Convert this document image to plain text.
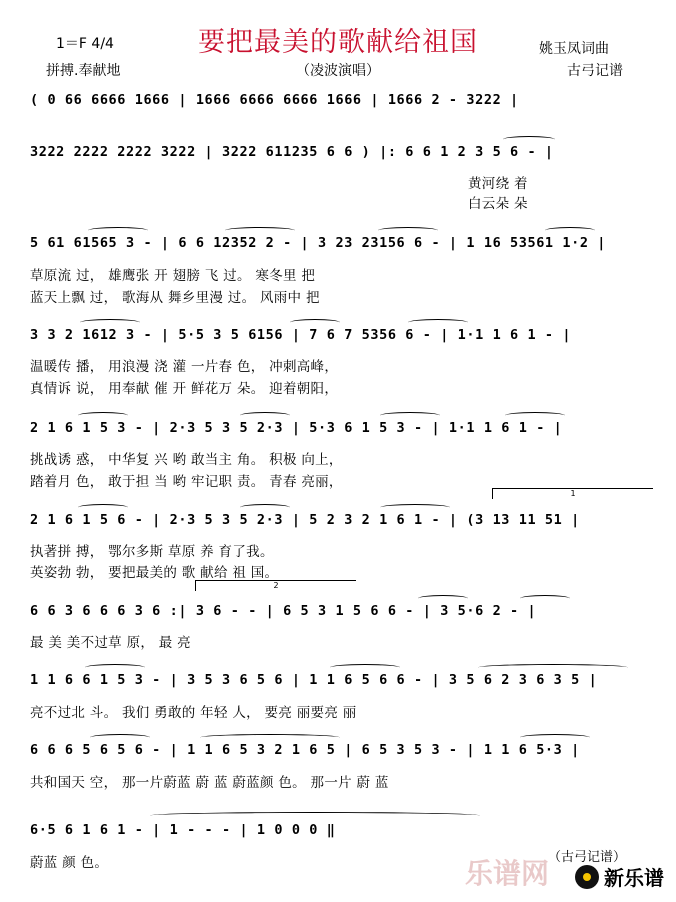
要把最美的歌献给祖国
1＝F 4/4
拼搏.奉献地	（凌波演唱）
姚玉凤词曲
古弓记谱
( 0 66 6666 1666 | 1666 6666 6666 1666 | 1666 2 - 3222 |
3222 2222 2222 3222 | 3222 611235 6 6 ) |: 6 6 1 2 3 5 6 - |
黄河绕 着
白云朵 朵
5 61 61565 3 - | 6 6 12352 2 - | 3 23 23156 6 - | 1 16 53561 1·2 |
草原流 过， 雄鹰张 开 翅膀 飞 过。 寒冬里 把
蓝天上飘 过， 歌海从 舞乡里漫 过。 风雨中 把
3 3 2 1612 3 - | 5·5 3 5 6156 | 7 6 7 5356 6 - | 1·1 1 6 1 - |
温暖传 播， 用浪漫 浇 灌 一片春 色， 冲刺高峰，
真情诉 说， 用奉献 催 开 鲜花万 朵。 迎着朝阳，
2 1 6 1 5 3 - | 2·3 5 3 5 2·3 | 5·3 6 1 5 3 - | 1·1 1 6 1 - |
挑战诱 惑， 中华复 兴 哟 敢当主 角。 积极 向上，
踏着月 色， 敢于担 当 哟 牢记职 责。 青春 亮丽，
2 1 6 1 5 6 - | 2·3 5 3 5 2·3 | 5 2 3 2 1 6 1 - | (3 13 11 51 |
执著拼 搏， 鄂尔多斯 草原 养 育了我。
英姿勃 勃， 要把最美的 歌 献给 祖 国。
6 6 3 6 6 6 3 6 :| 3 6 - - | 6 5 3 1 5 6 6 - | 3 5·6 2 - |
最 美 美不过草 原， 最 亮
1 1 6 6 1 5 3 - | 3 5 3 6 5 6 | 1 1 6 5 6 6 - | 3 5 6 2 3 6 3 5 |
亮不过北 斗。 我们 勇敢的 年轻 人， 要亮 丽要亮 丽
6 6 6 5 6 5 6 - | 1 1 6 5 3 2 1 6 5 | 6 5 3 5 3 - | 1 1 6 5·3 |
共和国天 空， 那一片蔚蓝 蔚 蓝 蔚蓝颜 色。 那一片 蔚 蓝
6·5 6 1 6 1 - | 1 - - - | 1 0 0 0 ‖
蔚蓝 颜 色。
1
2
乐谱网
（古弓记谱）
新乐谱
